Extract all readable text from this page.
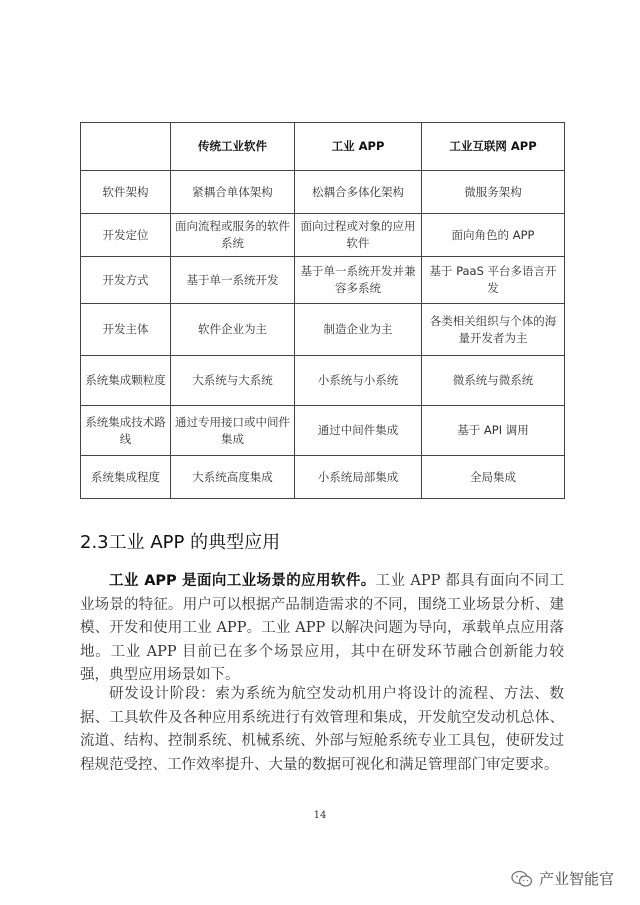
	传统工业软件	工业 APP	工业互联网 APP
软件架构	紧耦合单体架构	松耦合多体化架构	微服务架构
开发定位	面向流程或服务的软件系统	面向过程或对象的应用软件	面向角色的 APP
开发方式	基于单一系统开发	基于单一系统开发并兼容多系统	基于 PaaS 平台多语言开发
开发主体	软件企业为主	制造企业为主	各类相关组织与个体的海量开发者为主
系统集成颗粒度	大系统与大系统	小系统与小系统	微系统与微系统
系统集成技术路线	通过专用接口或中间件集成	通过中间件集成	基于 API 调用
系统集成程度	大系统高度集成	小系统局部集成	全局集成
2.3工业 APP 的典型应用

工业 APP 是面向工业场景的应用软件。工业 APP 都具有面向不同工业场景的特征。用户可以根据产品制造需求的不同，围绕工业场景分析、建模、开发和使用工业 APP。工业 APP 以解决问题为导向，承载单点应用落地。工业 APP 目前已在多个场景应用，其中在研发环节融合创新能力较强，典型应用场景如下。

研发设计阶段：索为系统为航空发动机用户将设计的流程、方法、数据、工具软件及各种应用系统进行有效管理和集成，开发航空发动机总体、流道、结构、控制系统、机械系统、外部与短舱系统专业工具包，使研发过程规范受控、工作效率提升、大量的数据可视化和满足管理部门审定要求。

14
产业智能官
